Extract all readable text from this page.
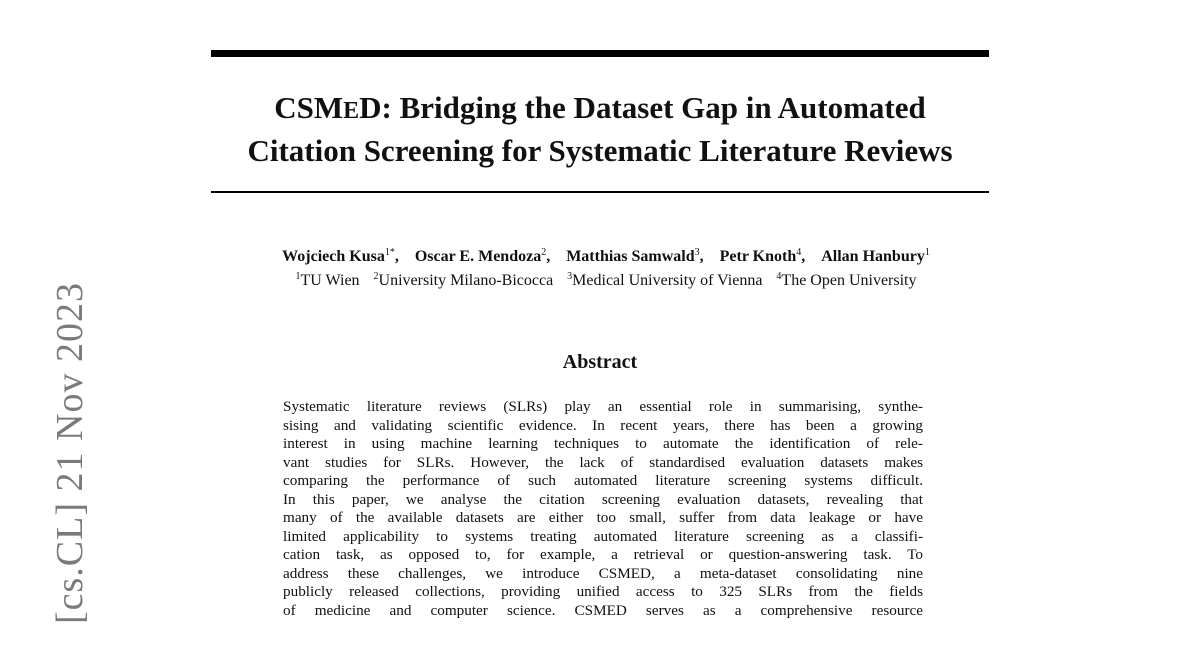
[cs.CL] 21 Nov 2023
CSMED: Bridging the Dataset Gap in Automated
Citation Screening for Systematic Literature Reviews
Wojciech Kusa$^{1*}$, Oscar E. Mendoza$^2$, Matthias Samwald$^3$, Petr Knoth$^4$, Allan Hanbury$^1$
$^1$TU Wien $^2$University Milano-Bicocca $^3$Medical University of Vienna $^4$The Open University
Abstract
Systematic literature reviews (SLRs) play an essential role in summarising, synthe-
sising and validating scientific evidence. In recent years, there has been a growing
interest in using machine learning techniques to automate the identification of rele-
vant studies for SLRs. However, the lack of standardised evaluation datasets makes
comparing the performance of such automated literature screening systems difficult.
In this paper, we analyse the citation screening evaluation datasets, revealing that
many of the available datasets are either too small, suffer from data leakage or have
limited applicability to systems treating automated literature screening as a classifi-
cation task, as opposed to, for example, a retrieval or question-answering task. To
address these challenges, we introduce CSMED, a meta-dataset consolidating nine
publicly released collections, providing unified access to 325 SLRs from the fields
of medicine and computer science. CSMED serves as a comprehensive resource
